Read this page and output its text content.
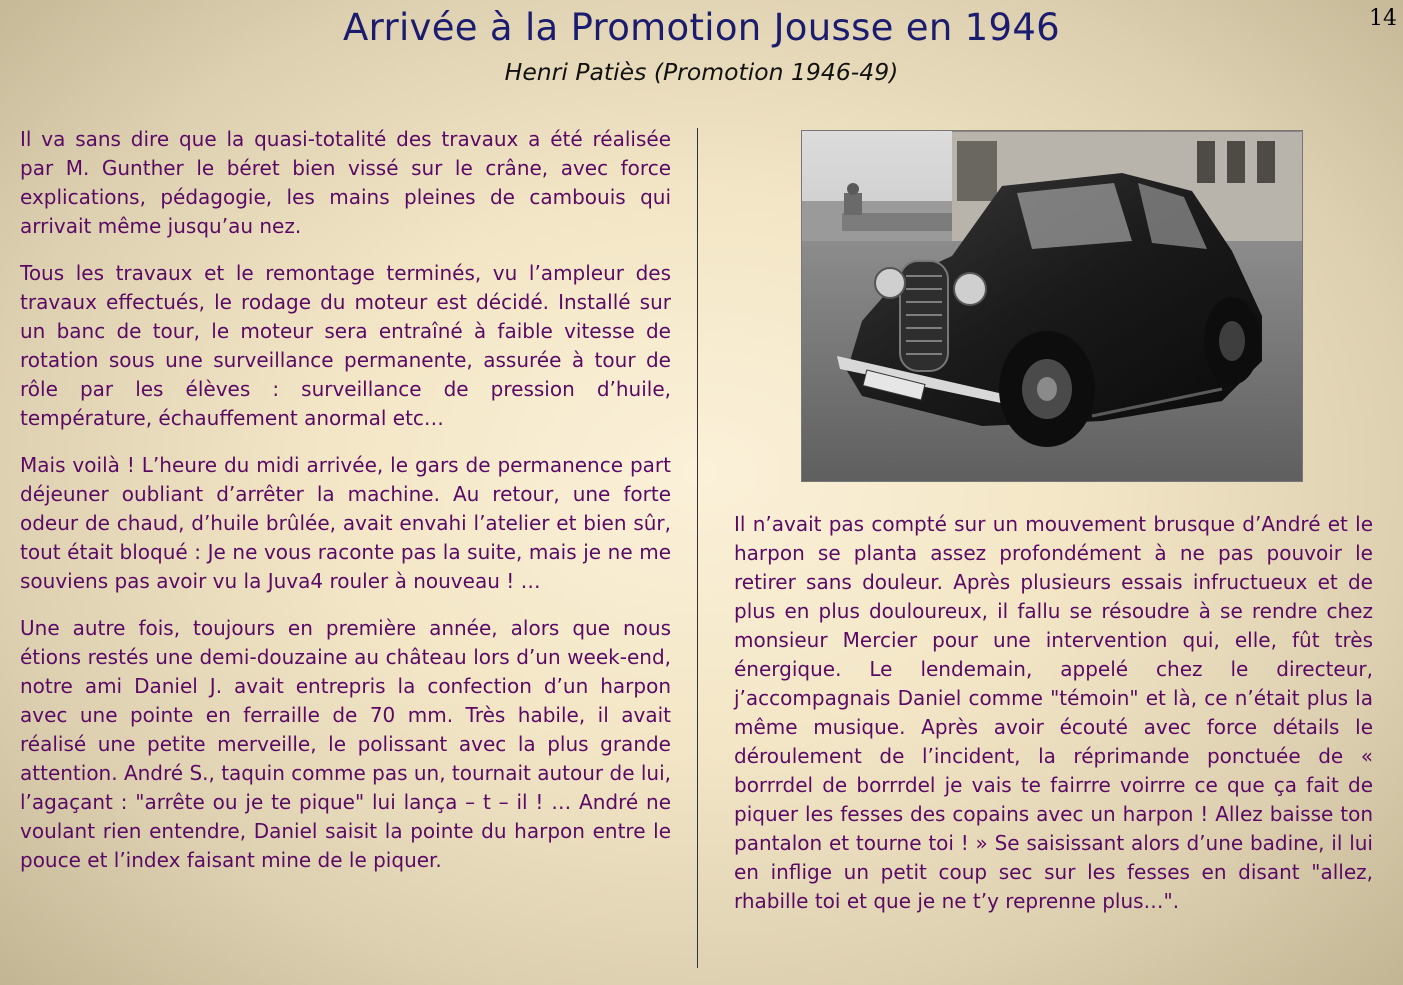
14
Arrivée à la Promotion Jousse en 1946
Henri Patiès (Promotion 1946-49)

Il va sans dire que la quasi-totalité des travaux a été réalisée par M. Gunther le béret bien vissé sur le crâne, avec force explications, pédagogie, les mains pleines de cambouis qui arrivait même jusqu’au nez.

Tous les travaux et le remontage terminés, vu l’ampleur des travaux effectués, le rodage du moteur est décidé. Installé sur un banc de tour, le moteur sera entraîné à faible vitesse de rotation sous une surveillance permanente, assurée à tour de rôle par les élèves : surveillance de pression d’huile, température, échauffement anormal etc…

Mais voilà ! L’heure du midi arrivée, le gars de permanence part déjeuner oubliant d’arrêter la machine. Au retour, une forte odeur de chaud, d’huile brûlée, avait envahi l’atelier et bien sûr, tout était bloqué : Je ne vous raconte pas la suite, mais je ne me souviens pas avoir vu la Juva4 rouler à nouveau ! …

Une autre fois, toujours en première année, alors que nous étions restés une demi-douzaine au château lors d’un week-end, notre ami Daniel J. avait entrepris la confection d’un harpon avec une pointe en ferraille de 70 mm. Très habile, il avait réalisé une petite merveille, le polissant avec la plus grande attention. André S., taquin comme pas un, tournait autour de lui, l’agaçant : "arrête ou je te pique" lui lança – t – il ! … André ne voulant rien entendre, Daniel saisit la pointe du harpon entre le pouce et l’index faisant mine de le piquer.

Il n’avait pas compté sur un mouvement brusque d’André et le harpon se planta assez profondément à ne pas pouvoir le retirer sans douleur. Après plusieurs essais infructueux et de plus en plus douloureux, il fallu se résoudre à se rendre chez monsieur Mercier pour une intervention qui, elle, fût très énergique. Le lendemain, appelé chez le directeur, j’accompagnais Daniel comme "témoin" et là, ce n’était plus la même musique. Après avoir écouté avec force détails le déroulement de l’incident, la réprimande ponctuée de « borrrdel de borrrdel je vais te fairrre voirrre ce que ça fait de piquer les fesses des copains avec un harpon ! Allez baisse ton pantalon et tourne toi ! » Se saisissant alors d’une badine, il lui en inflige un petit coup sec sur les fesses en disant "allez, rhabille toi et que je ne t’y reprenne plus…".
